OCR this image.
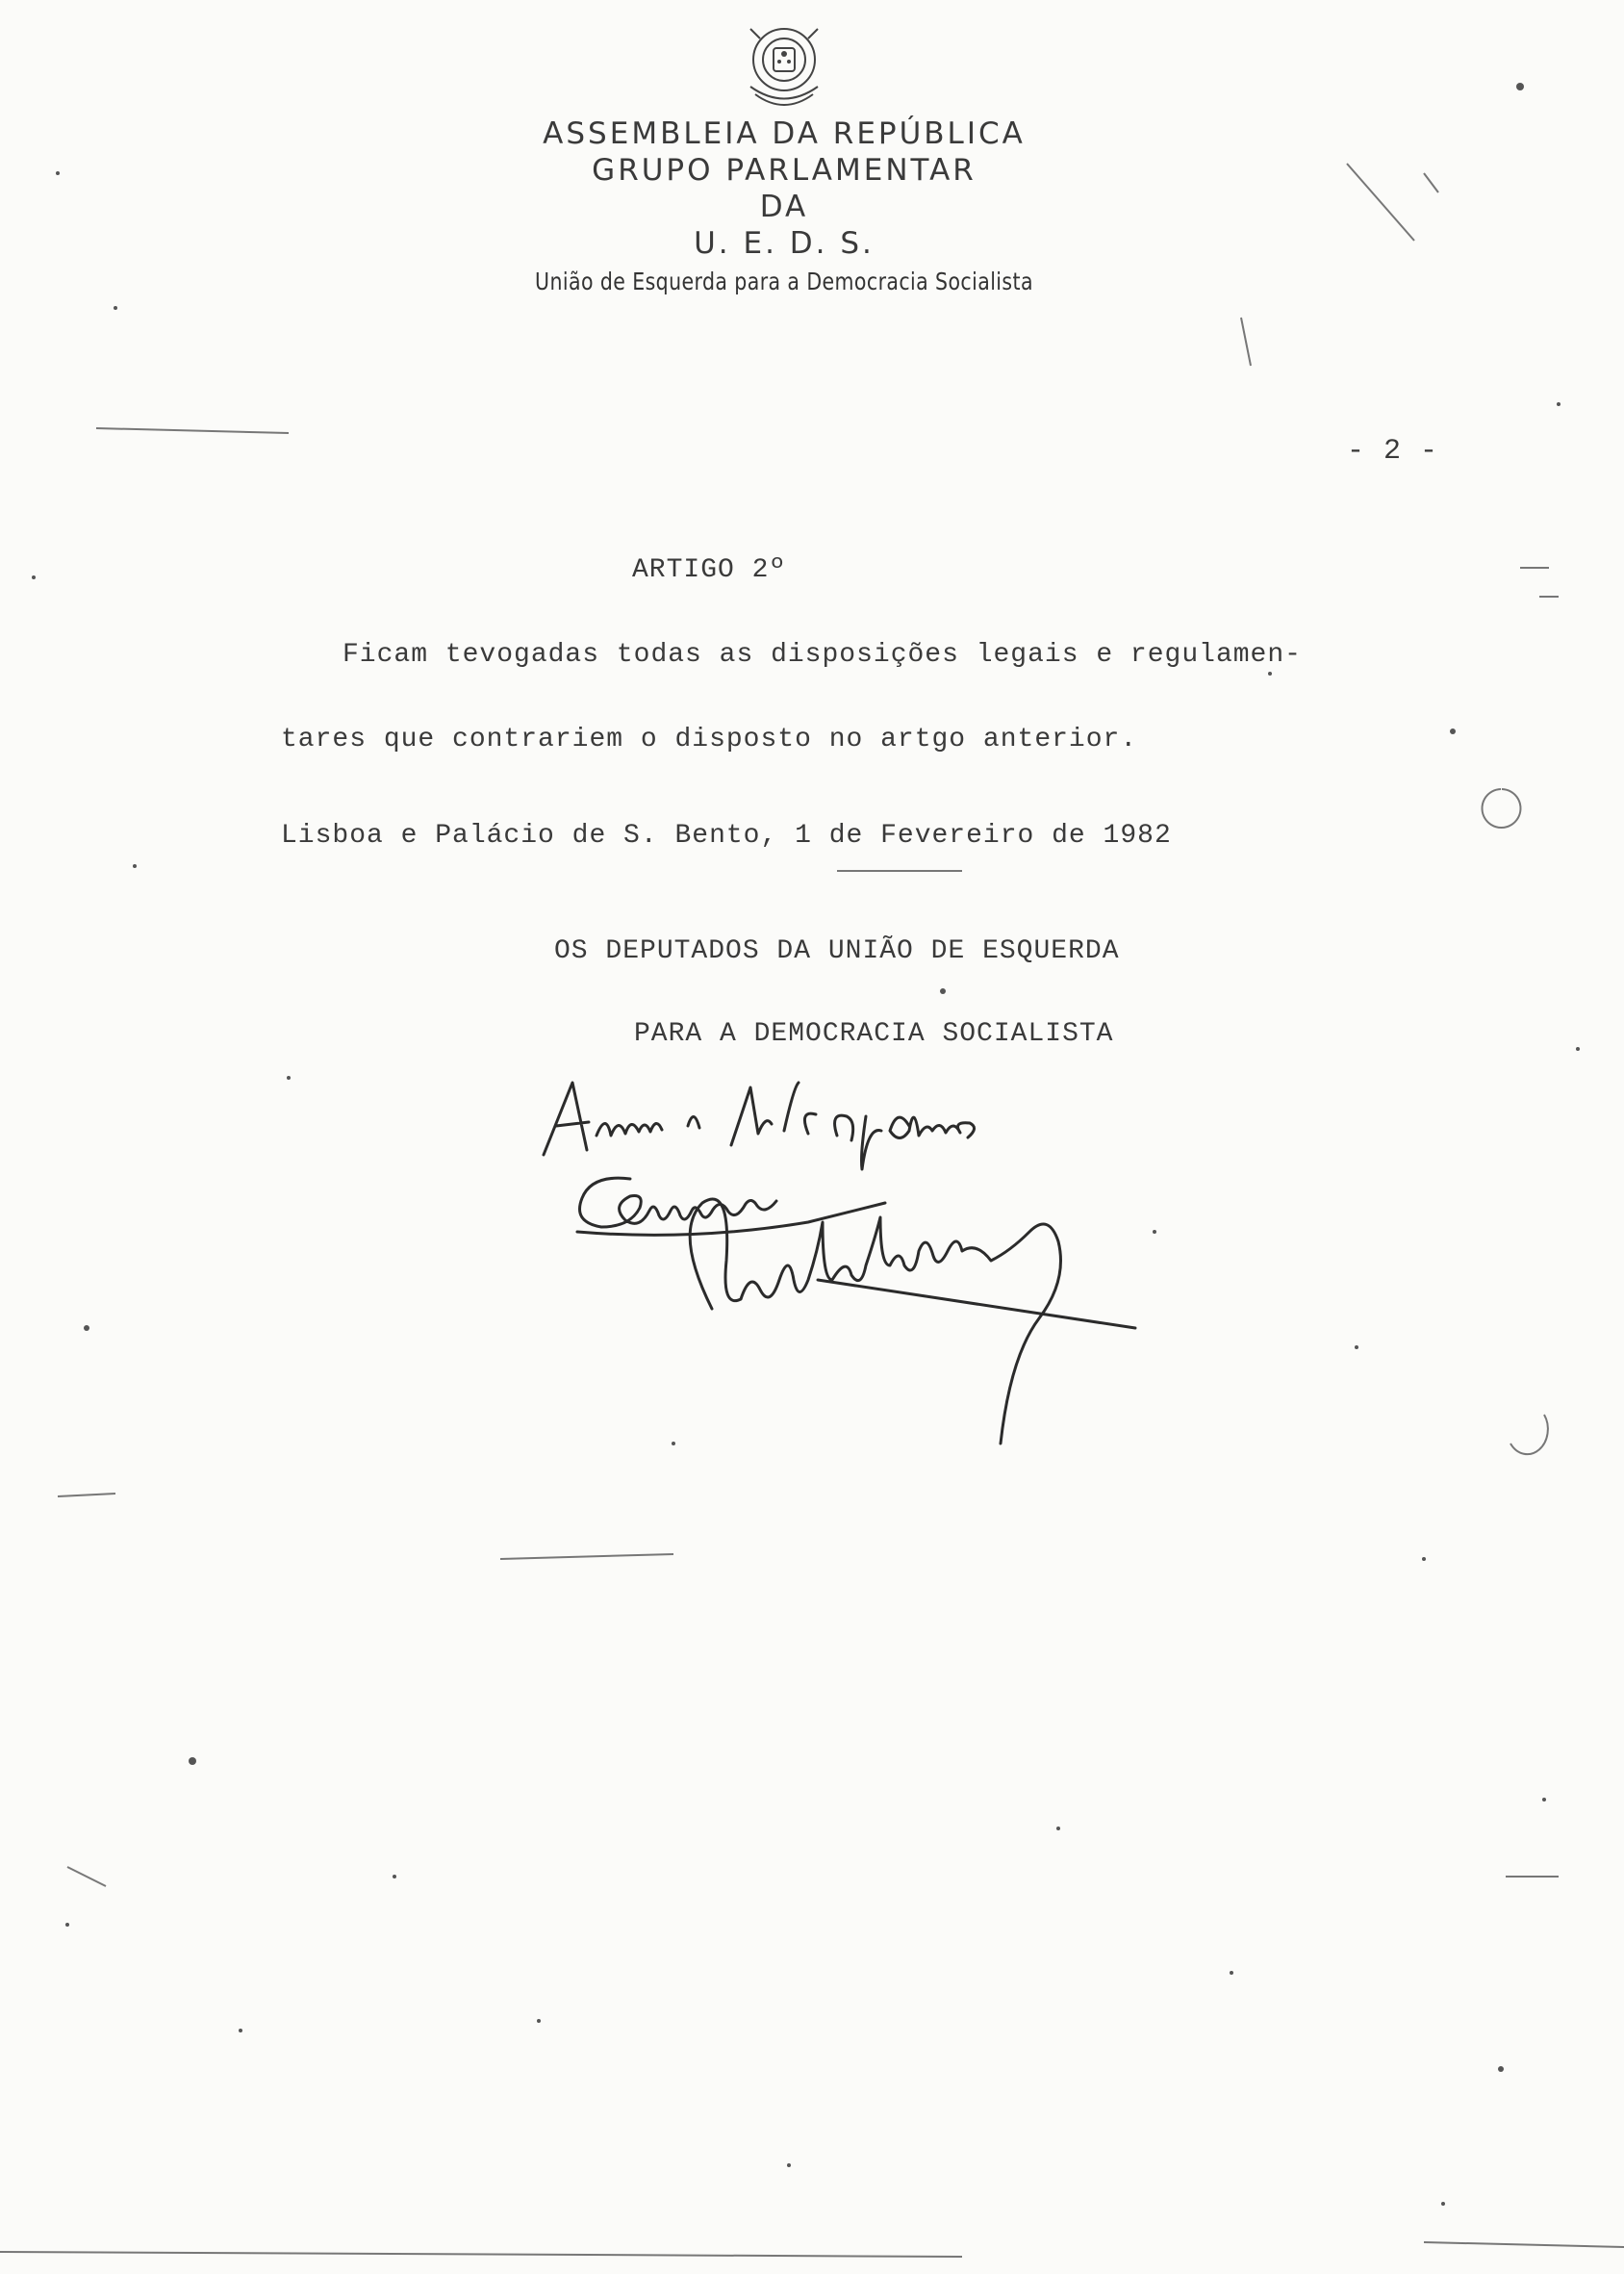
ASSEMBLEIA DA REPÚBLICA
GRUPO PARLAMENTAR
DA
U. E. D. S.
União de Esquerda para a Democracia Socialista
- 2 -
ARTIGO 2º
Ficam tevogadas todas as disposições legais e regulamen-
tares que contrariem o disposto no artgo anterior.
Lisboa e Palácio de S. Bento, 1 de Fevereiro de 1982
OS DEPUTADOS DA UNIÃO DE ESQUERDA
PARA A DEMOCRACIA SOCIALISTA
